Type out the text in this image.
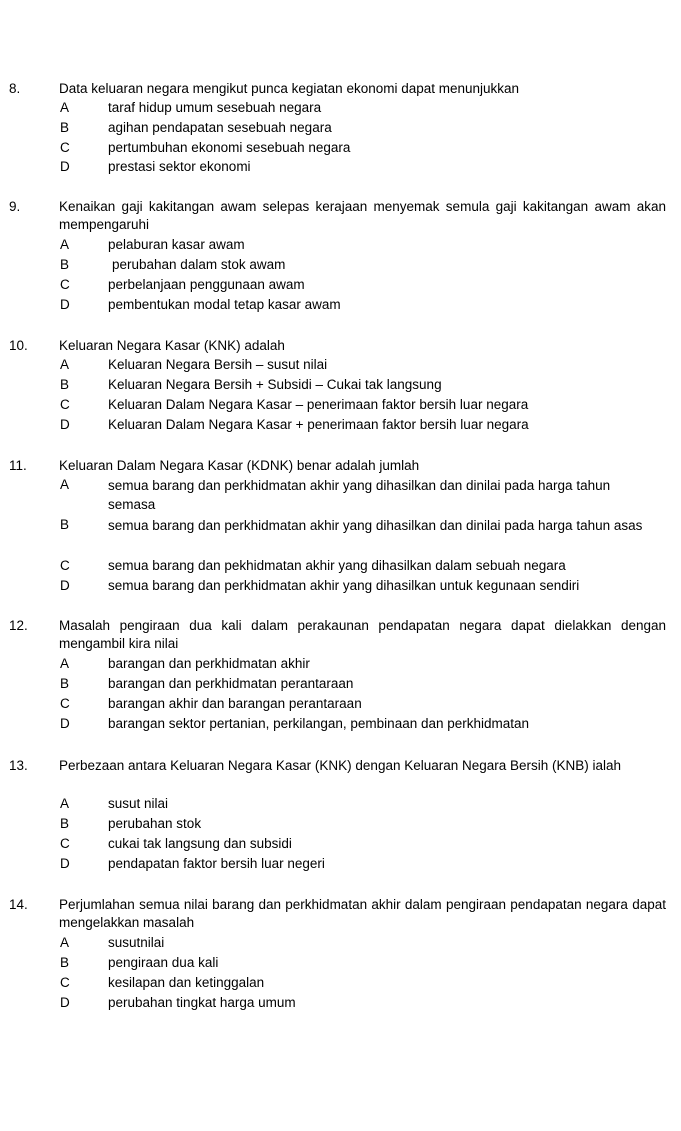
8.	Data keluaran negara mengikut punca kegiatan ekonomi dapat menunjukkan
A	taraf hidup umum sesebuah negara
B	agihan pendapatan sesebuah negara
C	pertumbuhan ekonomi sesebuah negara
D	prestasi sektor ekonomi
9.	Kenaikan gaji kakitangan awam selepas kerajaan menyemak semula gaji kakitangan awam akan mempengaruhi
A	pelaburan kasar awam
B	perubahan dalam stok awam
C	perbelanjaan penggunaan awam
D	pembentukan modal tetap kasar awam
10. Keluaran Negara Kasar (KNK) adalah
A	Keluaran Negara Bersih – susut nilai
B	Keluaran Negara Bersih + Subsidi – Cukai tak langsung
C	Keluaran Dalam Negara Kasar – penerimaan faktor bersih luar negara
D	Keluaran Dalam Negara Kasar + penerimaan faktor bersih luar negara
11. Keluaran Dalam Negara Kasar (KDNK) benar adalah jumlah
A	semua barang dan perkhidmatan akhir yang dihasilkan dan dinilai pada harga tahun semasa
B	semua barang dan perkhidmatan akhir yang dihasilkan dan dinilai pada harga tahun asas
C	semua barang dan pekhidmatan akhir yang dihasilkan dalam sebuah negara
D	semua barang dan perkhidmatan akhir yang dihasilkan untuk kegunaan sendiri
12. Masalah pengiraan dua kali dalam perakaunan pendapatan negara dapat dielakkan dengan mengambil kira nilai
A	barangan dan perkhidmatan akhir
B	barangan dan perkhidmatan perantaraan
C	barangan akhir dan barangan perantaraan
D	barangan sektor pertanian, perkilangan, pembinaan dan perkhidmatan
13. Perbezaan antara Keluaran Negara Kasar (KNK) dengan Keluaran Negara Bersih (KNB) ialah
A	susut nilai
B	perubahan stok
C	cukai tak langsung dan subsidi
D	pendapatan faktor bersih luar negeri
14. Perjumlahan semua nilai barang dan perkhidmatan akhir dalam pengiraan pendapatan negara dapat mengelakkan masalah
A	susutnilai
B	pengiraan dua kali
C	kesilapan dan ketinggalan
D	perubahan tingkat harga umum
